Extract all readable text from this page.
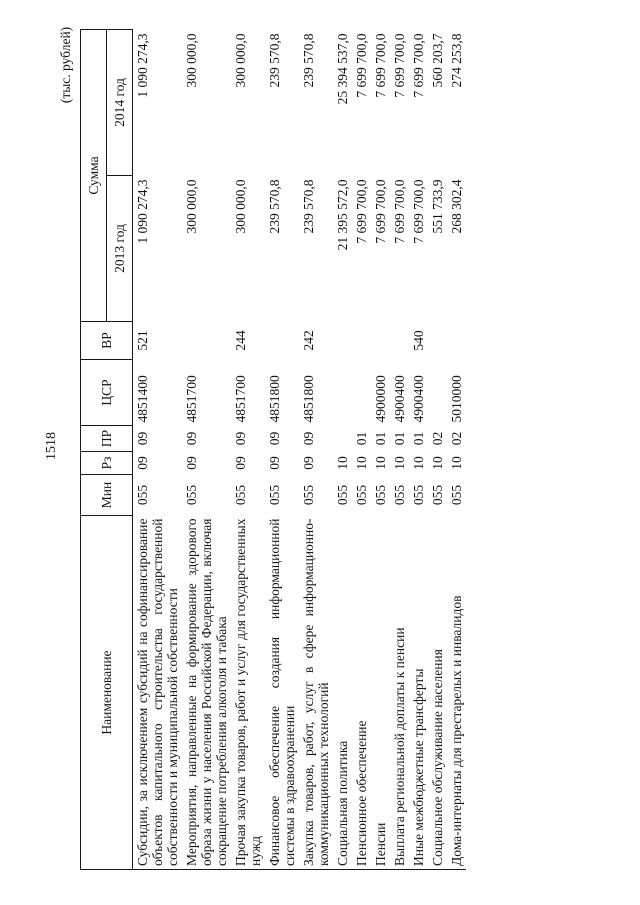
1518
(тыс. рублей)
Наименование	Мин	Рз	ПР	ЦСР	ВР	Сумма	
						2013 год	2014 год
Субсидии, за исключением субсидий на софинансирование объектов капитального строительства государственной собственности и муниципальной собственности	055	09	09	4851400	521	1 090 274,3	1 090 274,3
Мероприятия, направленные на формирование здорового образа жизни у населения Российской Федерации, включая сокращение потребления алкоголя и табака	055	09	09	4851700		300 000,0	300 000,0
Прочая закупка товаров, работ и услуг для государственных нужд	055	09	09	4851700	244	300 000,0	300 000,0
Финансовое обеспечение создания информационной системы в здравоохранении	055	09	09	4851800		239 570,8	239 570,8
Закупка товаров, работ, услуг в сфере информационно-коммуникационных технологий	055	09	09	4851800	242	239 570,8	239 570,8
Социальная политика	055	10				21 395 572,0	25 394 537,0
Пенсионное обеспечение	055	10	01			7 699 700,0	7 699 700,0
Пенсии	055	10	01	4900000		7 699 700,0	7 699 700,0
Выплата региональной доплаты к пенсии	055	10	01	4900400		7 699 700,0	7 699 700,0
Иные межбюджетные трансферты	055	10	01	4900400	540	7 699 700,0	7 699 700,0
Социальное обслуживание населения	055	10	02			551 733,9	560 203,7
Дома-интернаты для престарелых и инвалидов	055	10	02	5010000		268 302,4	274 253,8
